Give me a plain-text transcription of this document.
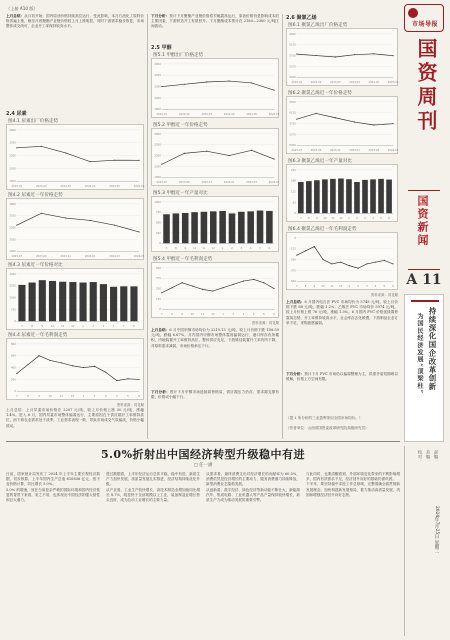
（上接 A10 版）
上月总结：从月初开始，国内原油价格持续高位运行，受此影响，本月石油化工原料价格普遍上涨，截至月底聚酯产业链价格较上月上涨明显，同时下游需求稳步恢复，市场整体成交尚可，企业开工率保持较高水平。
2.4 尿素
图4.1 尿素出厂价格走势
2800
2550
2300
2050
1800
2024-01	2024-02	2024-03	2024-04	2024-05	2024-06
图4.2 尿素近一年价格走势
2800
2550
2300
2050
1800
2023-07	2023-09	2023-11	2024-01	2024-03	2024-05
图4.3 尿素近一年价格对比
3000
2250
1500
750
0
7	8	9	10	11	12	1	2	3	4	5	6
图4.4 尿素近一年毛利润走势
800
600
400
200
0
7	8	9	10	11	12	1	2	3	4	5	6
资料来源：同花顺
上月总结：上月尿素市场价格在 2207 元/吨，较上月价格上涨 30 元/吨，涨幅 1.4%。进入 6 月，国内尿素市场整体偏弱运行，主要原因在于供应端开工率维持高位，而下游农业需求处于淡季，工业需求表现一般，导致市场成交气氛偏淡，价格小幅波动。
下月分析：预计下月聚酯产业链价格将窄幅震荡运行，原油价格仍是影响成本的主要因素，下游织造开工有望回升。下月聚酯成本预计在 2180—2300 元/吨区间波动。
2.5 甲醇
图5.1 甲醇出厂价格走势
2800
2550
2300
2050
1800
2024-01	2024-02	2024-03	2024-04	2024-05	2024-06
图5.2 甲醇近一年价格走势
2800
2550
2300
2050
1800
2023-07	2023-09	2023-11	2024-01	2024-03	2024-05
图5.3 甲醇近一年产量对比
1000
750
500
250
0
7	8	9	10 11 12	1	2	3	4	5	6
图5.4 甲醇近一年毛利润走势
500
375
250
125
0
7	8	9	10	11	12	1	2	3	4	5	6
资料来源：同花顺
上月总结：6 月中国甲醇市场均价为 2219.15 元/吨，较上月价格下跌 158.59 元/吨，跌幅 6.67%。月内国内甲醇市场整体震荡偏弱运行，港口库存有所累积，内地装置开工率维持高位，整体供应充足，下游烯烃装置开工率有所下降，对原料需求减弱，市场价格承压下行。
下月分析：预计下月甲醇市场延续弱势格局，供应端压力仍存，需求端支撑有限，价格或小幅下行。
2.6 聚氯乙烯
图6.1 聚氯乙烯出厂价格走势
6500
6125
5750
5375
5000
2024-01	2024-02	2024-03	2024-04	2024-05	2024-06
图6.2 聚氯乙烯近一年价格走势
6500
6125
5750
5375
5000
2023-07	2023-09	2023-11	2024-01	2024-03	2024-05
图6.3 聚氯乙烯近一年产量对比
250
188
125
63
0
7 8 9 10 11 12 1 2 3 4 5 6
图6.4 聚氯乙烯近一年毛利润走势
0
-125
-250
-375
-500
7	8	9 10 11 12 1	2	3	4	5	6
资料来源：同花顺
上月总结：6 月国内电石法 PVC 市场均价为 5745 元/吨，较上月价格下跌 68 元/吨，跌幅 1.2%；乙烯法 PVC 市场均价 5974 元/吨，较上月价格上涨 76 元/吨，涨幅 1.3%。6 月国内 PVC 价格延续弱势震荡态势，开工率维持较高水平，社会库存去化缓慢，下游制品企业订单不足，采购意愿偏弱。
下月分析：预计下月 PVC 市场仍以偏弱整理为主，供需矛盾短期难以缓解，价格上方空间有限。
（提 1 所分析的三业盈利采用全国市场均价。）
（作者单位：山西省国资委改革研究院高级研究员）
市场导报
国资周刊
国资新闻
A 11
持续深化国企改革创新
为国民经济发展“顶梁柱”
5.0%折射出中国经济转型升级稳中有进
□ 任一涵

日前，国家统计局发布了 2024 年上半年主要宏观经济数据，初步核算，上半年国内生产总值 616836 亿元，按不变价格计算，同比增长 5.0%。

5.0% 的增速，放在当前复杂严峻的国际环境和国内经济恢复的背景下来看，来之不易，也体现出中国经济的强大韧性和巨大潜力。

透过数据看，上半年经济运行总体平稳、稳中有进，新质生产力加快发展，高质量发展扎实推进，经济结构持续优化升级。

从产业看，工业生产较快增长，高技术制造业增加值同比增长 8.7%，明显快于全部规模以上工业，装备制造业增长势头良好，成为拉动工业增长的主要力量。

从需求看，最终消费支出对经济增长的贡献率为 60.5%，消费依然是经济增长的主要动力，服务消费潜力持续释放，新型消费业态蓬勃发展。

从创新看，数字经济、绿色经济等新动能不断壮大，新能源汽车、集成电路、工业机器人等产品产量保持较快增长，新质生产力成为推动发展的重要引擎。

与此同时，也要清醒看到，外部环境变化带来的不利影响增多，国内有效需求不足，经济回升向好的基础仍需巩固。

下半年，要坚持稳中求进工作总基调，完整准确全面贯彻新发展理念，加快构建新发展格局，着力推动高质量发展，巩固和增强经济回升向好态势。

责编：
美编：
校对：
2024年7月25日 星期二
